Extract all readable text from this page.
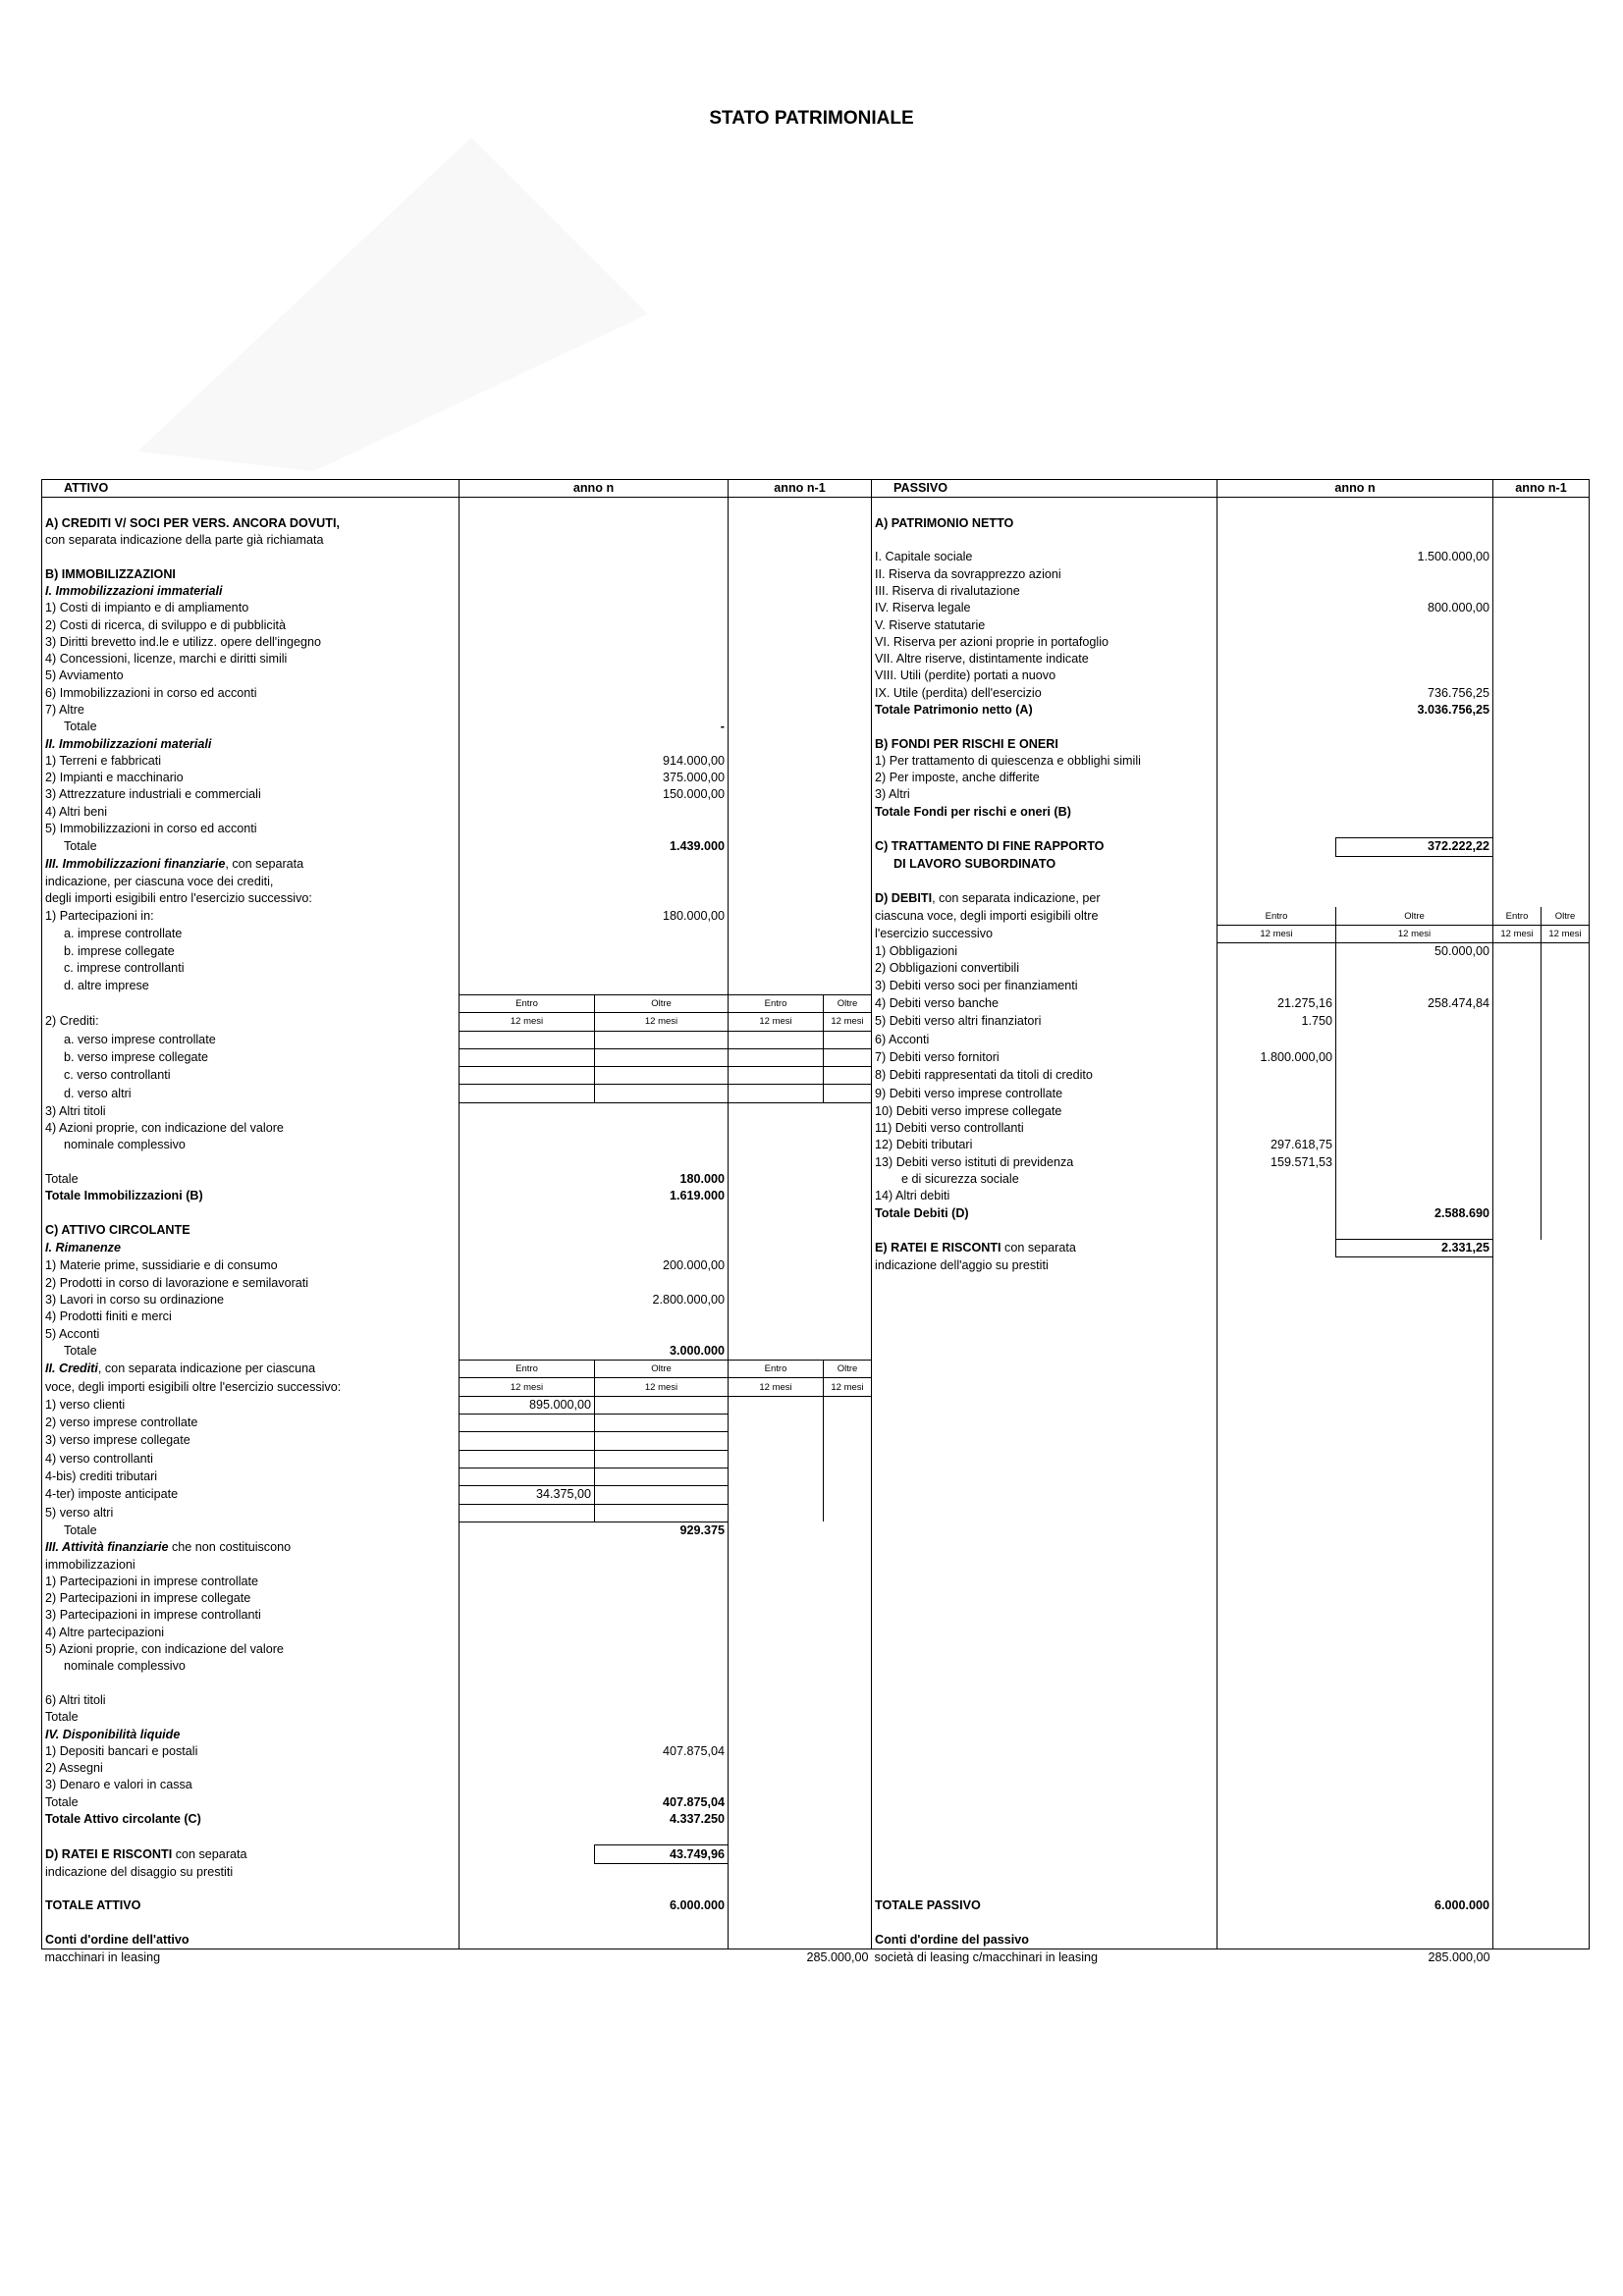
STATO PATRIMONIALE
ATTIVO	anno n		anno n-1		PASSIVO	anno n		anno n-1	

A) CREDITI V/ SOCI PER VERS. ANCORA DOVUTI,					A) PATRIMONIO NETTO				
con separata indicazione della parte già richiamata									
					I. Capitale sociale	1.500.000,00			
B) IMMOBILIZZAZIONI					II. Riserva da sovrapprezzo azioni				
I. Immobilizzazioni immateriali					III. Riserva di rivalutazione				
1) Costi di impianto e di ampliamento					IV. Riserva legale	800.000,00			
2) Costi di ricerca, di sviluppo e di pubblicità					V. Riserve statutarie				
3) Diritti brevetto ind.le e utilizz. opere dell'ingegno					VI. Riserva per azioni proprie in portafoglio				
4) Concessioni, licenze, marchi e diritti simili					VII. Altre riserve, distintamente indicate				
5) Avviamento					VIII. Utili (perdite) portati a nuovo				
6) Immobilizzazioni in corso ed acconti					IX. Utile (perdita) dell'esercizio	736.756,25			
7) Altre					Totale Patrimonio netto (A)	3.036.756,25			
Totale	-								
II. Immobilizzazioni materiali					B) FONDI PER RISCHI E ONERI				
1) Terreni e fabbricati	914.000,00				1) Per trattamento di quiescenza e obblighi simili				
2) Impianti e macchinario	375.000,00				2) Per imposte, anche differite				
3) Attrezzature industriali e commerciali	150.000,00				3) Altri				
4) Altri beni					Totale Fondi per rischi e oneri (B)				
5) Immobilizzazioni in corso ed acconti									
Totale	1.439.000				C) TRATTAMENTO DI FINE RAPPORTO		372.222,22		
III. Immobilizzazioni finanziarie, con separata					DI LAVORO SUBORDINATO				
indicazione, per ciascuna voce dei crediti,									
degli importi esigibili entro l'esercizio successivo:					D) DEBITI, con separata indicazione, per				
1) Partecipazioni in:	180.000,00				ciascuna voce, degli importi esigibili oltre	Entro	Oltre	Entro	Oltre
a. imprese controllate					l'esercizio successivo	12 mesi	12 mesi	12 mesi	12 mesi
b. imprese collegate					1) Obbligazioni		50.000,00		
c. imprese controllanti					2) Obbligazioni convertibili				
d. altre imprese					3) Debiti verso soci per finanziamenti				
	Entro	Oltre	Entro	Oltre	4) Debiti verso banche	21.275,16	258.474,84		
2) Crediti:	12 mesi	12 mesi	12 mesi	12 mesi	5) Debiti verso altri finanziatori	1.750			
a. verso imprese controllate					6) Acconti				
b. verso imprese collegate					7) Debiti verso fornitori	1.800.000,00			
c. verso controllanti					8) Debiti rappresentati da titoli di credito				
d. verso altri					9) Debiti verso imprese controllate				
3) Altri titoli					10) Debiti verso imprese collegate				
4) Azioni proprie, con indicazione del valore					11) Debiti verso controllanti				
nominale complessivo					12) Debiti tributari	297.618,75			
					13) Debiti verso istituti di previdenza	159.571,53			
Totale	180.000				e di sicurezza sociale				
Totale Immobilizzazioni (B)	1.619.000				14) Altri debiti				
					Totale Debiti (D)		2.588.690		
C) ATTIVO CIRCOLANTE									
I. Rimanenze					E) RATEI E RISCONTI con separata		2.331,25		
1) Materie prime, sussidiarie e di consumo	200.000,00				indicazione dell'aggio su prestiti				
2) Prodotti in corso di lavorazione e semilavorati									
3) Lavori in corso su ordinazione	2.800.000,00								
4) Prodotti finiti e merci									
5) Acconti									
Totale	3.000.000								
II. Crediti, con separata indicazione per ciascuna	Entro	Oltre	Entro	Oltre					
voce, degli importi esigibili oltre l'esercizio successivo:	12 mesi	12 mesi	12 mesi	12 mesi					
1) verso clienti	895.000,00								
2) verso imprese controllate									
3) verso imprese collegate									
4) verso controllanti									
4-bis) crediti tributari									
4-ter) imposte anticipate	34.375,00								
5) verso altri									
Totale	929.375								
III. Attività finanziarie che non costituiscono									
immobilizzazioni									
1) Partecipazioni in imprese controllate									
2) Partecipazioni in imprese collegate									
3) Partecipazioni in imprese controllanti									
4) Altre partecipazioni									
5) Azioni proprie, con indicazione del valore									
nominale complessivo									

6) Altri titoli									
Totale									
IV. Disponibilità liquide									
1) Depositi bancari e postali	407.875,04								
2) Assegni									
3) Denaro e valori in cassa									
Totale	407.875,04								
Totale Attivo circolante (C)	4.337.250								

D) RATEI E RISCONTI con separata		43.749,96							
indicazione del disaggio su prestiti									

TOTALE ATTIVO	6.000.000				TOTALE PASSIVO	6.000.000			

Conti d'ordine dell'attivo					Conti d'ordine del passivo				
macchinari in leasing			285.000,00		società di leasing c/macchinari in leasing	285.000,00			
